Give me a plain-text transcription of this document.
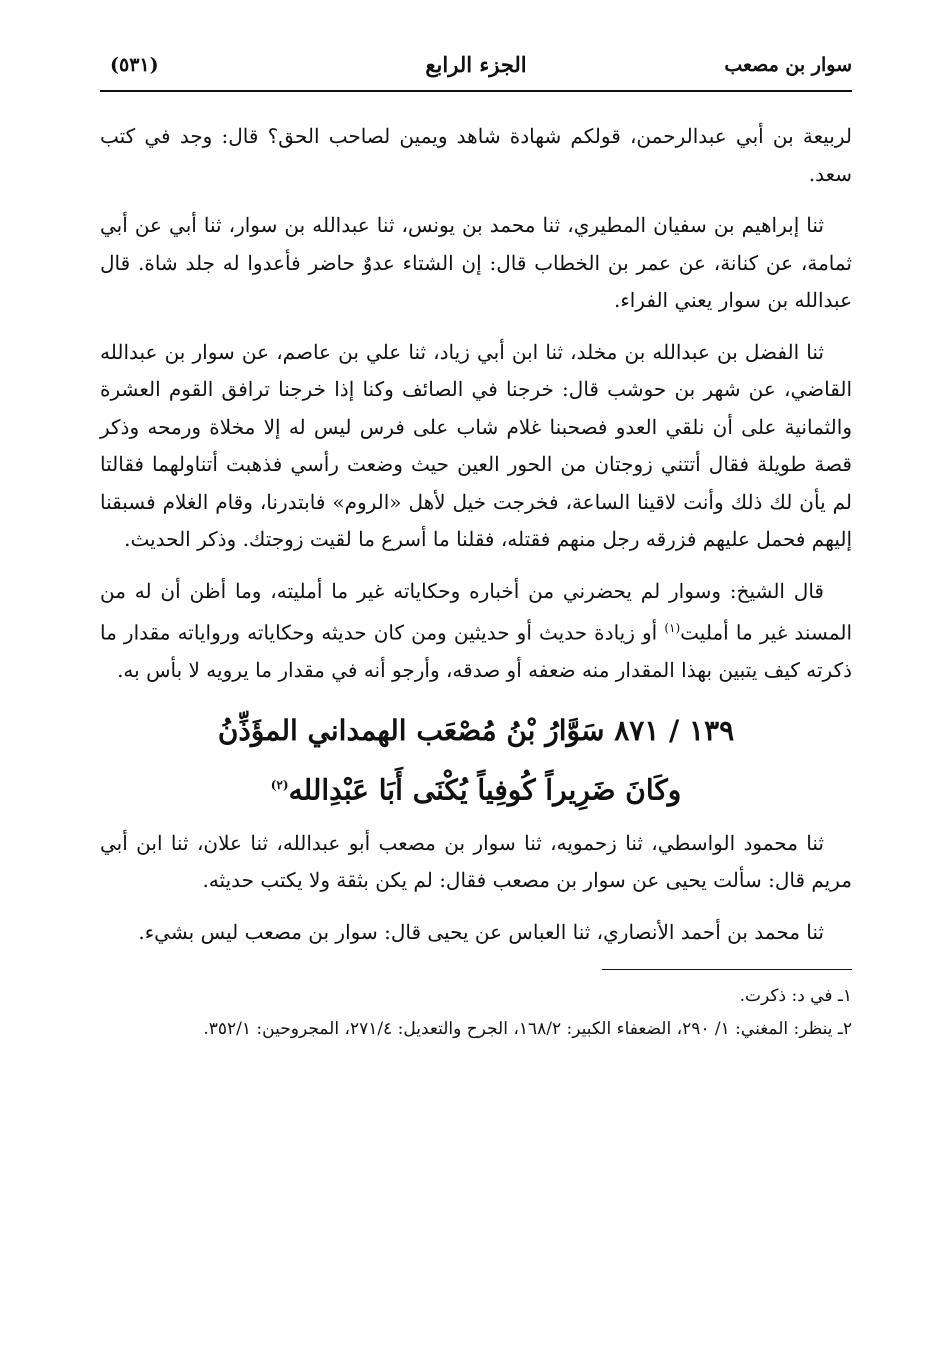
سوار بن مصعب
الجزء الرابع
(٥٣١)

لربيعة بن أبي عبدالرحمن، قولكم شهادة شاهد ويمين لصاحب الحق؟ قال: وجد في كتب سعد.

ثنا إبراهيم بن سفيان المطيري، ثنا محمد بن يونس، ثنا عبدالله بن سوار، ثنا أبي عن أبي ثمامة، عن كنانة، عن عمر بن الخطاب قال: إن الشتاء عدوٌ حاضر فأعدوا له جلد شاة. قال عبدالله بن سوار يعني الفراء.

ثنا الفضل بن عبدالله بن مخلد، ثنا ابن أبي زياد، ثنا علي بن عاصم، عن سوار بن عبدالله القاضي، عن شهر بن حوشب قال: خرجنا في الصائف وكنا إذا خرجنا ترافق القوم العشرة والثمانية على أن نلقي العدو فصحبنا غلام شاب على فرس ليس له إلا مخلاة ورمحه وذكر قصة طويلة فقال أتتني زوجتان من الحور العين حيث وضعت رأسي فذهبت أتناولهما فقالتا لم يأن لك ذلك وأنت لاقينا الساعة، فخرجت خيل لأهل «الروم» فابتدرنا، وقام الغلام فسبقنا إليهم فحمل عليهم فزرقه رجل منهم فقتله، فقلنا ما أسرع ما لقيت زوجتك. وذكر الحديث.

قال الشيخ: وسوار لم يحضرني من أخباره وحكاياته غير ما أمليته، وما أظن أن له من المسند غير ما أمليت$^{(١)}$ أو زيادة حديث أو حديثين ومن كان حديثه وحكاياته ورواياته مقدار ما ذكرته كيف يتبين بهذا المقدار منه ضعفه أو صدقه، وأرجو أنه في مقدار ما يرويه لا بأس به.

١٣٩ / ٨٧١ سَوَّارُ بْنُ مُصْعَب الهمداني المؤَذِّنُ
وكَانَ ضَرِيراً كُوفِياً يُكْنَى أَبَا عَبْدِالله$^{(٢)}$

ثنا محمود الواسطي، ثنا زحمويه، ثنا سوار بن مصعب أبو عبدالله، ثنا علان، ثنا ابن أبي مريم قال: سألت يحيى عن سوار بن مصعب فقال: لم يكن بثقة ولا يكتب حديثه.

ثنا محمد بن أحمد الأنصاري، ثنا العباس عن يحيى قال: سوار بن مصعب ليس بشيء.

١ـ في د: ذكرت.

٢ـ ينظر: المغني: ١/ ٢٩٠، الضعفاء الكبير: ١٦٨/٢، الجرح والتعديل: ٢٧١/٤، المجروحين: ٣٥٢/١.
